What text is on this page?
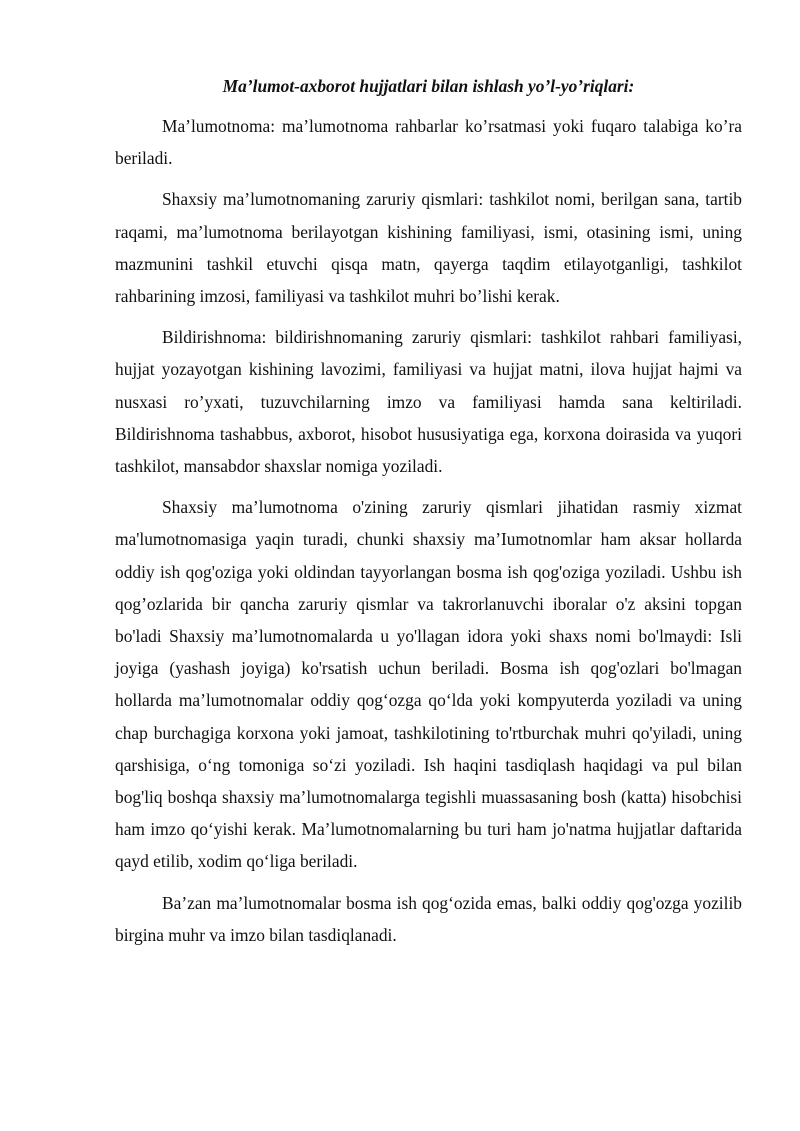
Ma’lumot-axborot hujjatlari bilan ishlash yo’l-yo’riqlari:

Ma’lumotnoma: ma’lumotnoma rahbarlar ko’rsatmasi yoki fuqaro talabiga ko’ra beriladi.

Shaxsiy ma’lumotnomaning zaruriy qismlari: tashkilot nomi, berilgan sana, tartib raqami, ma’lumotnoma berilayotgan kishining familiyasi, ismi, otasining ismi, uning mazmunini tashkil etuvchi qisqa matn, qayerga taqdim etilayotganligi, tashkilot rahbarining imzosi, familiyasi va tashkilot muhri bo’lishi kerak.

Bildirishnoma: bildirishnomaning zaruriy qismlari: tashkilot rahbari familiyasi, hujjat yozayotgan kishining lavozimi, familiyasi va hujjat matni, ilova hujjat hajmi va nusxasi ro’yxati, tuzuvchilarning imzo va familiyasi hamda sana keltiriladi. Bildirishnoma tashabbus, axborot, hisobot hususiyatiga ega, korxona doirasida va yuqori tashkilot, mansabdor shaxslar nomiga yoziladi.

Shaxsiy ma’lumotnoma o'zining zaruriy qismlari jihatidan rasmiy xizmat ma'lumotnomasiga yaqin turadi, chunki shaxsiy ma’Iumotnomlar ham aksar hollarda oddiy ish qog'oziga yoki oldindan tayyorlangan bosma ish qog'oziga yoziladi. Ushbu ish qog’ozlarida bir qancha zaruriy qismlar va takrorlanuvchi iboralar o'z aksini topgan bo'ladi Shaxsiy ma’lumotnomalarda u yo'llagan idora yoki shaxs nomi bo'lmaydi: Isli joyiga (yashash joyiga) ko'rsatish uchun beriladi. Bosma ish qog'ozlari bo'lmagan hollarda ma’lumotnomalar oddiy qog‘ozga qo‘lda yoki kompyuterda yoziladi va uning chap burchagiga korxona yoki jamoat, tashkilotining to'rtburchak muhri qo'yiladi, uning qarshisiga, o‘ng tomoniga so‘zi yoziladi. Ish haqini tasdiqlash haqidagi va pul bilan bog'liq boshqa shaxsiy ma’lumotnomalarga tegishli muassasaning bosh (katta) hisobchisi ham imzo qo‘yishi kerak. Ma’lumotnomalarning bu turi ham jo'natma hujjatlar daftarida qayd etilib, xodim qo‘liga beriladi.

Ba’zan ma’lumotnomalar bosma ish qog‘ozida emas, balki oddiy qog'ozga yozilib birgina muhr va imzo bilan tasdiqlanadi.
